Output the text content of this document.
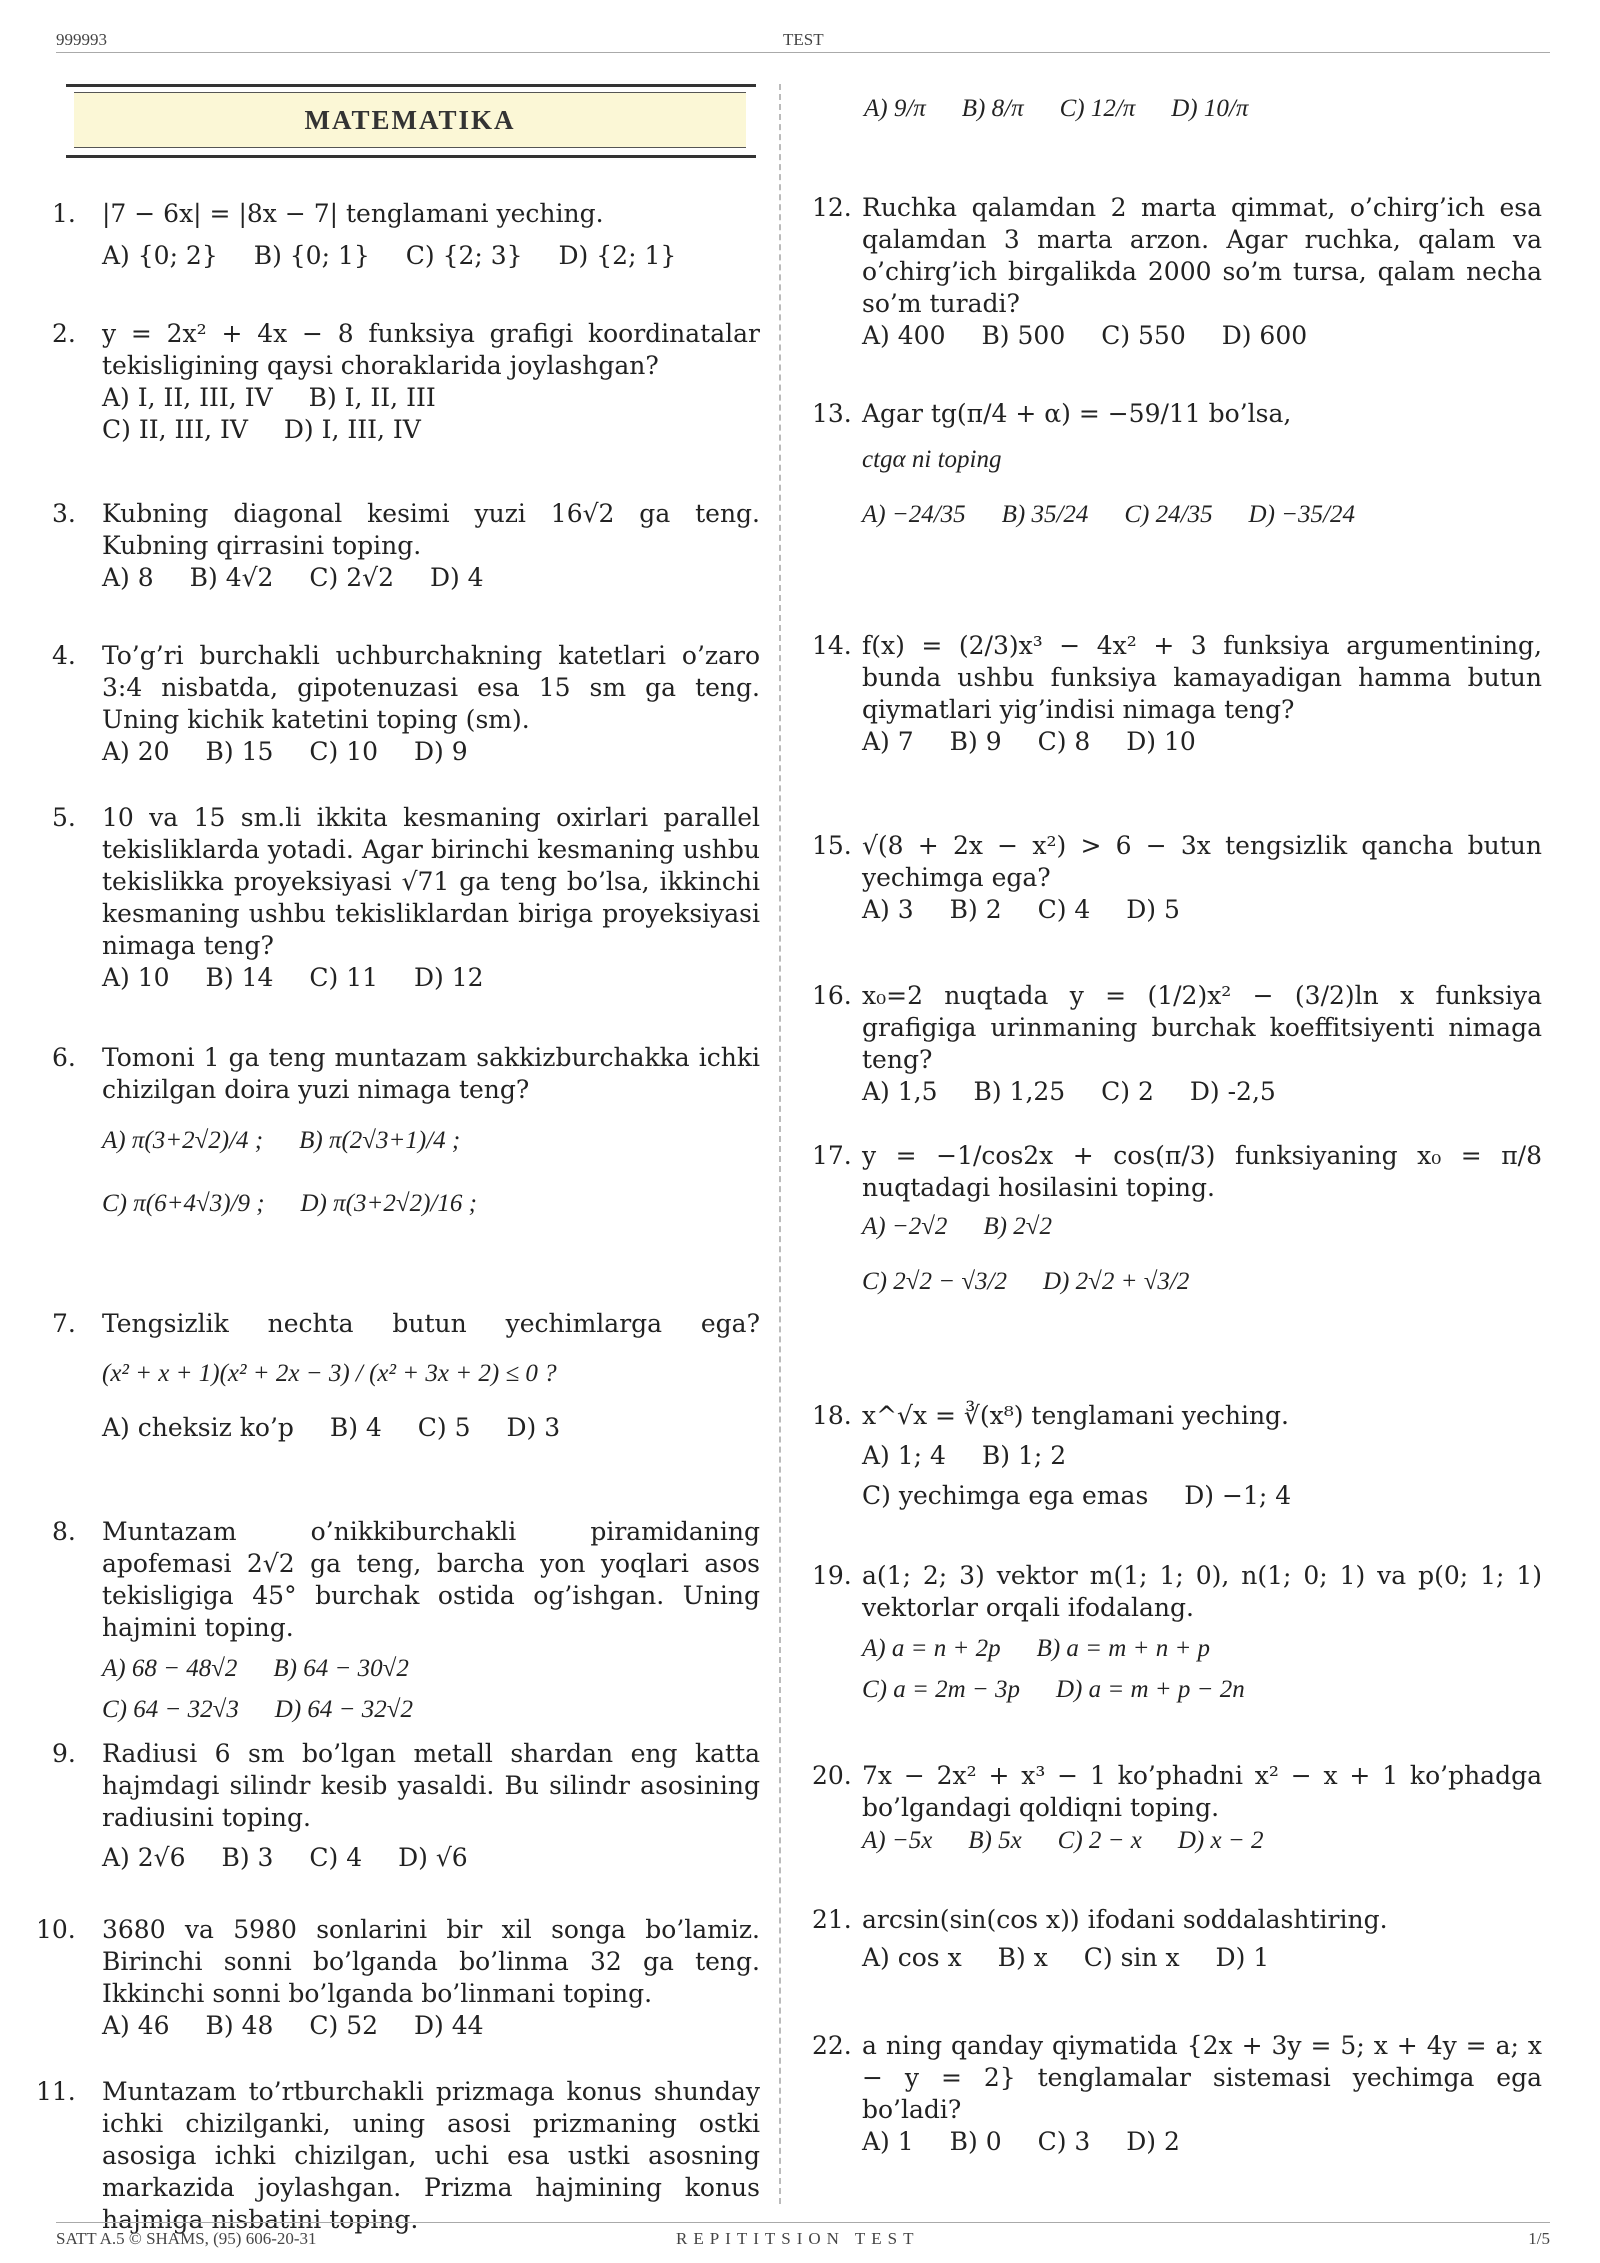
999993	TEST
MATEMATIKA
1. |7 − 6x| = |8x − 7| tenglamani yeching.
A) {0; 2} B) {0; 1} C) {2; 3} D) {2; 1}
2. y = 2x² + 4x − 8 funksiya grafigi koordinatalar tekisligining qaysi choraklarida joylashgan?
A) I, II, III, IV B) I, II, III
C) II, III, IV D) I, III, IV
3. Kubning diagonal kesimi yuzi 16√2 ga teng. Kubning qirrasini toping.
A) 8 B) 4√2 C) 2√2 D) 4
4. To’g’ri burchakli uchburchakning katetlari o’zaro 3:4 nisbatda, gipotenuzasi esa 15 sm ga teng. Uning kichik katetini toping (sm).
A) 20 B) 15 C) 10 D) 9
5. 10 va 15 sm.li ikkita kesmaning oxirlari parallel tekisliklarda yotadi. Agar birinchi kesmaning ushbu tekislikka proyeksiyasi √71 ga teng bo’lsa, ikkinchi kesmaning ushbu tekisliklardan biriga proyeksiyasi nimaga teng?
A) 10 B) 14 C) 11 D) 12
6. Tomoni 1 ga teng muntazam sakkizburchakka ichki chizilgan doira yuzi nimaga teng?
A) π(3+2√2)/4 ; B) π(2√3+1)/4 ;
C) π(6+4√3)/9 ; D) π(3+2√2)/16 ;
7. Tengsizlik nechta butun yechimlarga ega?
(x² + x + 1)(x² + 2x − 3) / (x² + 3x + 2) ≤ 0 ?
A) cheksiz ko’p B) 4 C) 5 D) 3
8. Muntazam o’nikkiburchakli piramidaning apofemasi 2√2 ga teng, barcha yon yoqlari asos tekisligiga 45° burchak ostida og’ishgan. Uning hajmini toping.
A) 68 − 48√2 B) 64 − 30√2
C) 64 − 32√3 D) 64 − 32√2
9. Radiusi 6 sm bo’lgan metall shardan eng katta hajmdagi silindr kesib yasaldi. Bu silindr asosining radiusini toping.
A) 2√6 B) 3 C) 4 D) √6
10. 3680 va 5980 sonlarini bir xil songa bo’lamiz. Birinchi sonni bo’lganda bo’linma 32 ga teng. Ikkinchi sonni bo’lganda bo’linmani toping.
A) 46 B) 48 C) 52 D) 44
11. Muntazam to’rtburchakli prizmaga konus shunday ichki chizilganki, uning asosi prizmaning ostki asosiga ichki chizilgan, uchi esa ustki asosning markazida joylashgan. Prizma hajmining konus hajmiga nisbatini toping.
A) 9/π B) 8/π C) 12/π D) 10/π
12. Ruchka qalamdan 2 marta qimmat, o’chirg’ich esa qalamdan 3 marta arzon. Agar ruchka, qalam va o’chirg’ich birgalikda 2000 so’m tursa, qalam necha so’m turadi?
A) 400 B) 500 C) 550 D) 600
13. Agar tg(π/4 + α) = −59/11 bo’lsa,
ctgα ni toping
A) −24/35 B) 35/24 C) 24/35 D) −35/24
14. f(x) = (2/3)x³ − 4x² + 3 funksiya argumentining, bunda ushbu funksiya kamayadigan hamma butun qiymatlari yig’indisi nimaga teng?
A) 7 B) 9 C) 8 D) 10
15. √(8 + 2x − x²) > 6 − 3x tengsizlik qancha butun yechimga ega?
A) 3 B) 2 C) 4 D) 5
16. x₀=2 nuqtada y = (1/2)x² − (3/2)ln x funksiya grafigiga urinmaning burchak koeffitsiyenti nimaga teng?
A) 1,5 B) 1,25 C) 2 D) -2,5
17. y = −1/cos2x + cos(π/3) funksiyaning x₀ = π/8 nuqtadagi hosilasini toping.
A) −2√2 B) 2√2
C) 2√2 − √3/2 D) 2√2 + √3/2
18. x^√x = ∛(x⁸) tenglamani yeching.
A) 1; 4 B) 1; 2
C) yechimga ega emas D) −1; 4
19. a(1; 2; 3) vektor m(1; 1; 0), n(1; 0; 1) va p(0; 1; 1) vektorlar orqali ifodalang.
A) a = n + 2p B) a = m + n + p
C) a = 2m − 3p D) a = m + p − 2n
20. 7x − 2x² + x³ − 1 ko’phadni x² − x + 1 ko’phadga bo’lgandagi qoldiqni toping.
A) −5x B) 5x C) 2 − x D) x − 2
21. arcsin(sin(cos x)) ifodani soddalashtiring.
A) cos x B) x C) sin x D) 1
22. a ning qanday qiymatida {2x + 3y = 5; x + 4y = a; x − y = 2} tenglamalar sistemasi yechimga ega bo’ladi?
A) 1 B) 0 C) 3 D) 2
SATT A.5 © SHAMS, (95) 606-20-31	REPITITSION TEST	1/5
